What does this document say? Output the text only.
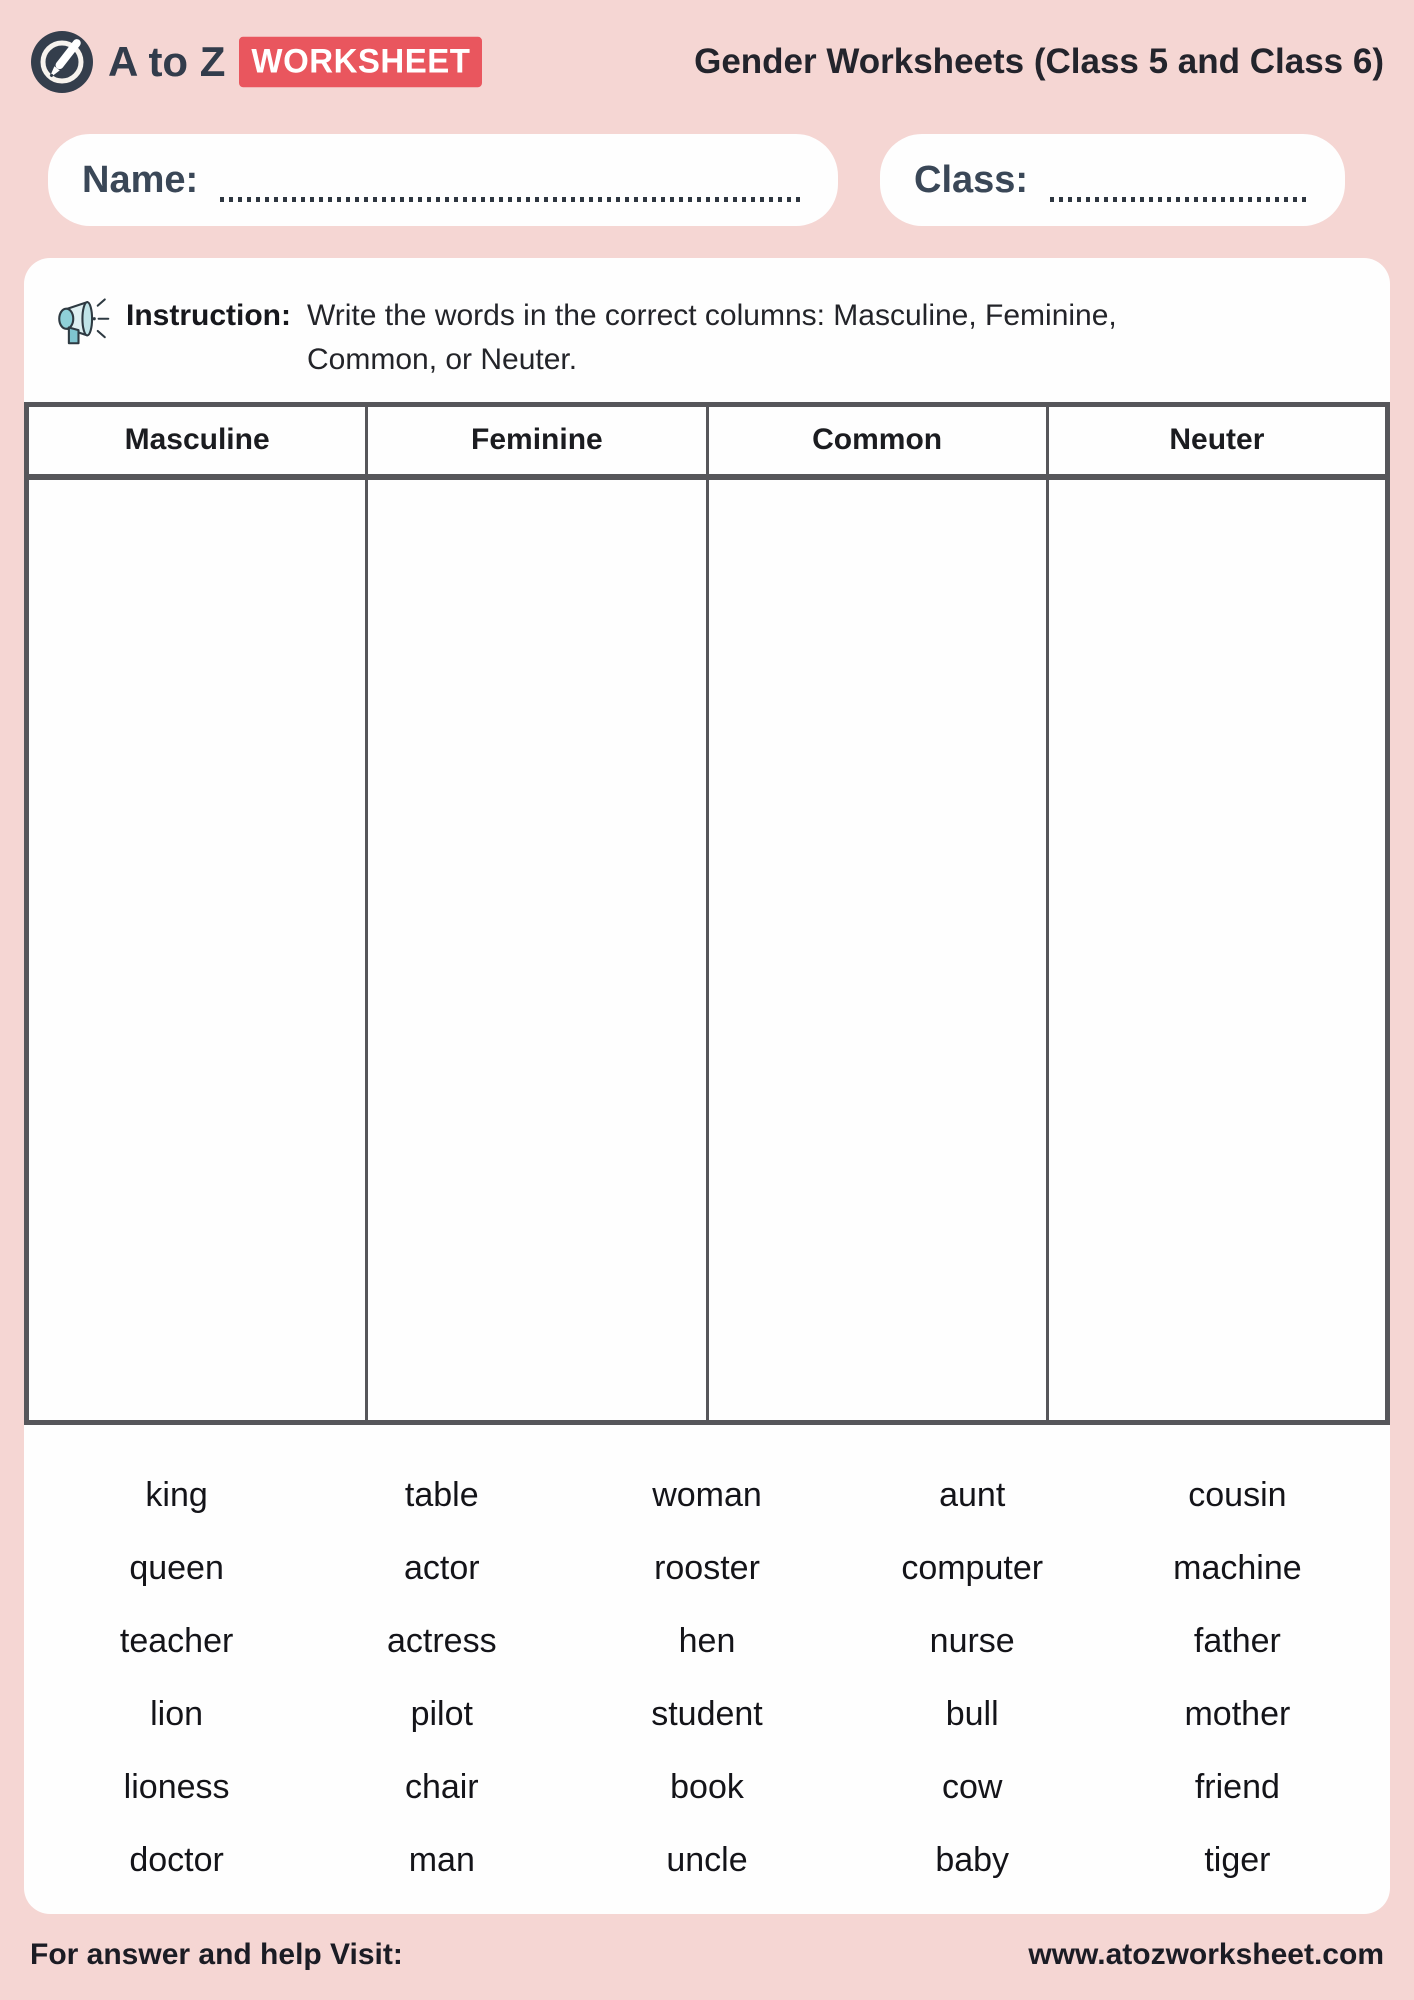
A to Z WORKSHEET	Gender Worksheets (Class 5 and Class 6)
Name:	Class:
Instruction: Write the words in the correct columns: Masculine, Feminine,
Common, or Neuter.
Masculine	Feminine	Common	Neuter

king	table	woman	aunt	cousin
queen	actor	rooster	computer	machine
teacher	actress	hen	nurse	father
lion	pilot	student	bull	mother
lioness	chair	book	cow	friend
doctor	man	uncle	baby	tiger
For answer and help Visit:	www.atozworksheet.com
